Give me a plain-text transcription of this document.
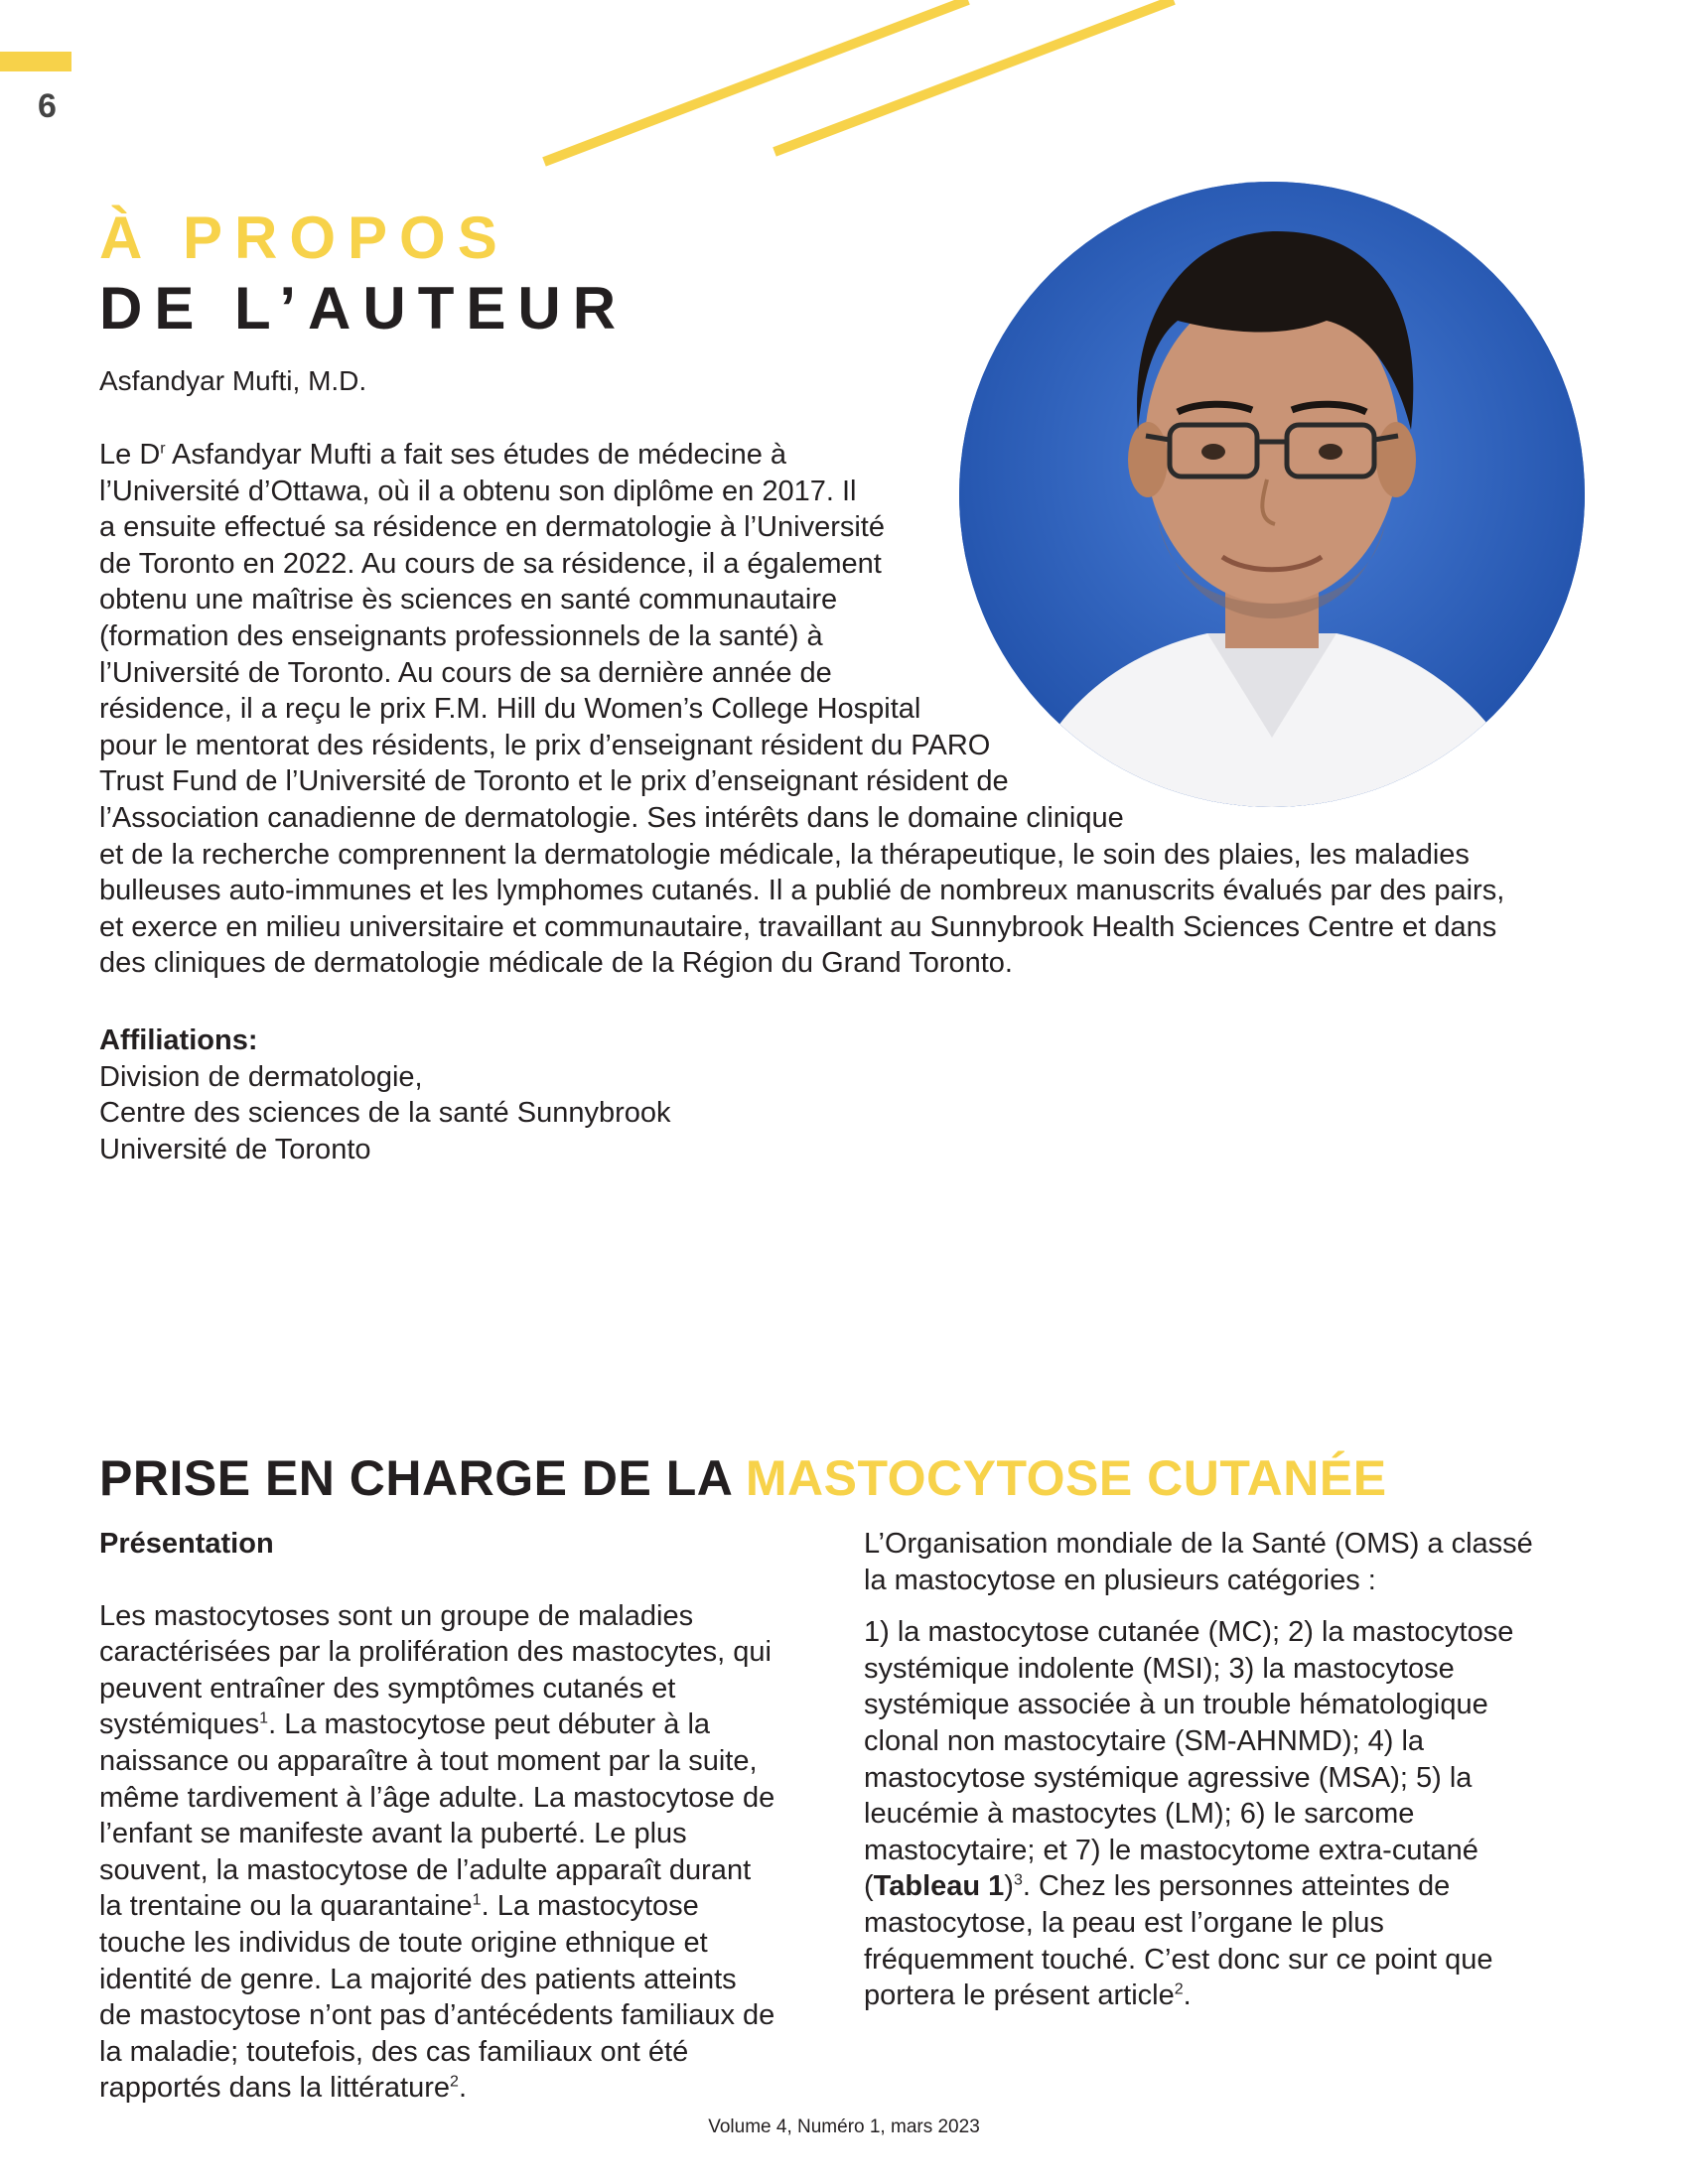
6
À PROPOS
DE L’AUTEUR
Asfandyar Mufti, M.D.
Le $D^r$ Asfandyar Mufti a fait ses études de médecine à
l’Université d’Ottawa, où il a obtenu son diplôme en 2017. Il
a ensuite effectué sa résidence en dermatologie à l’Université
de Toronto en 2022. Au cours de sa résidence, il a également
obtenu une maîtrise ès sciences en santé communautaire
(formation des enseignants professionnels de la santé) à
l’Université de Toronto. Au cours de sa dernière année de
résidence, il a reçu le prix F.M. Hill du Women’s College Hospital
pour le mentorat des résidents, le prix d’enseignant résident du PARO
Trust Fund de l’Université de Toronto et le prix d’enseignant résident de
l’Association canadienne de dermatologie. Ses intérêts dans le domaine clinique
et de la recherche comprennent la dermatologie médicale, la thérapeutique, le soin des plaies, les maladies
bulleuses auto-immunes et les lymphomes cutanés. Il a publié de nombreux manuscrits évalués par des pairs,
et exerce en milieu universitaire et communautaire, travaillant au Sunnybrook Health Sciences Centre et dans
des cliniques de dermatologie médicale de la Région du Grand Toronto.
Affiliations:
Division de dermatologie,
Centre des sciences de la santé Sunnybrook
Université de Toronto
PRISE EN CHARGE DE LA MASTOCYTOSE CUTANÉE
Présentation
Les mastocytoses sont un groupe de maladies
caractérisées par la prolifération des mastocytes, qui
peuvent entraîner des symptômes cutanés et
systémiques$^1$. La mastocytose peut débuter à la
naissance ou apparaître à tout moment par la suite,
même tardivement à l’âge adulte. La mastocytose de
l’enfant se manifeste avant la puberté. Le plus
souvent, la mastocytose de l’adulte apparaît durant
la trentaine ou la quarantaine$^1$. La mastocytose
touche les individus de toute origine ethnique et
identité de genre. La majorité des patients atteints
de mastocytose n’ont pas d’antécédents familiaux de
la maladie; toutefois, des cas familiaux ont été
rapportés dans la littérature$^2$.
L’Organisation mondiale de la Santé (OMS) a classé
la mastocytose en plusieurs catégories :
1) la mastocytose cutanée (MC); 2) la mastocytose
systémique indolente (MSI); 3) la mastocytose
systémique associée à un trouble hématologique
clonal non mastocytaire (SM-AHNMD); 4) la
mastocytose systémique agressive (MSA); 5) la
leucémie à mastocytes (LM); 6) le sarcome
mastocytaire; et 7) le mastocytome extra-cutané
(Tableau 1)$^3$. Chez les personnes atteintes de
mastocytose, la peau est l’organe le plus
fréquemment touché. C’est donc sur ce point que
portera le présent article$^2$.
Volume 4, Numéro 1, mars 2023
